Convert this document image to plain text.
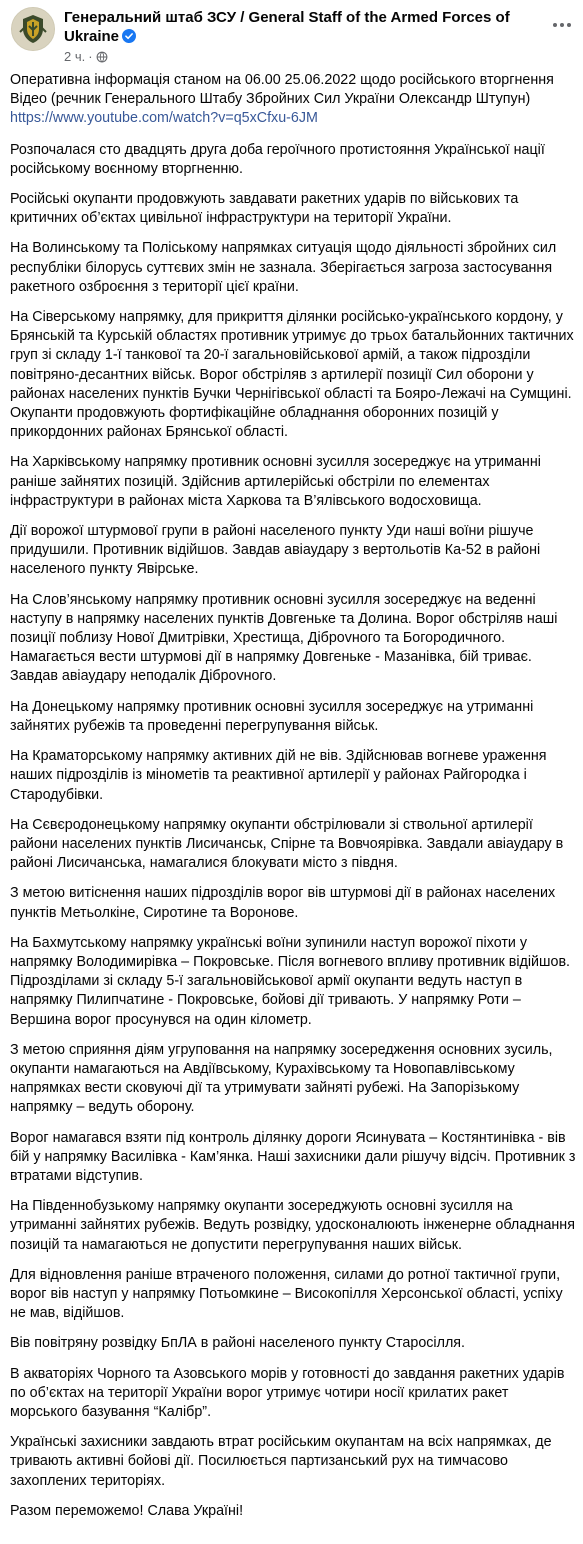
Генеральний штаб ЗСУ / General Staff of the Armed Forces of Ukraine
2 ч. ·

Оперативна інформація станом на 06.00 25.06.2022 щодо російського вторгнення
Відео (речник Генерального Штабу Збройних Сил України Олександр Штупун)
https://www.youtube.com/watch?v=q5xCfxu-6JM

Розпочалася сто двадцять друга доба героїчного протистояння Української нації російському воєнному вторгненню.

Російські окупанти продовжують завдавати ракетних ударів по військових та критичних об’єктах цивільної інфраструктури на території України.

На Волинському та Поліському напрямках ситуація щодо діяльності збройних сил республіки білорусь суттєвих змін не зазнала. Зберігається загроза застосування ракетного озброєння з території цієї країни.

На Сіверському напрямку, для прикриття ділянки російсько-українського кордону, у Брянській та Курській областях противник утримує до трьох батальйонних тактичних груп зі складу 1-ї танкової та 20-ї загальновійськової армій, а також підрозділи повітряно-десантних військ. Ворог обстріляв з артилерії позиції Сил оборони у районах населених пунктів Бучки Чернігівської області та Бояро-Лежачі на Сумщині. Окупанти продовжують фортифікаційне обладнання оборонних позицій у прикордонних районах Брянської області.

На Харківському напрямку противник основні зусилля зосереджує на утриманні раніше зайнятих позицій. Здійснив артилерійські обстріли по елементах інфраструктури в районах міста Харкова та В’ялівського водосховища.

Дії ворожої штурмової групи в районі населеного пункту Уди наші воїни рішуче придушили. Противник відійшов. Завдав авіаудару з вертольотів Ка-52 в районі населеного пункту Явірське.

На Слов’янському напрямку противник основні зусилля зосереджує на веденні наступу в напрямку населених пунктів Довгеньке та Долина. Ворог обстріляв наші позиції поблизу Нової Дмитрівки, Хрестища, Діброvного та Богородичного. Намагається вести штурмові дії в напрямку Довгеньке - Мазанівка, бій триває. Завдав авіаудару неподалік Діброvного.

На Донецькому напрямку противник основні зусилля зосереджує на утриманні зайнятих рубежів та проведенні перегрупування військ.

На Краматорському напрямку активних дій не вів. Здійснював вогневе ураження наших підрозділів із мінометів та реактивної артилерії у районах Райгородка і Стародубівки.

На Сєвєродонецькому напрямку окупанти обстрілювали зі ствольної артилерії райони населених пунктів Лисичанськ, Спірне та Вовчоярівка. Завдали авіаудару в районі Лисичанська, намагалися блокувати місто з півдня.

З метою витіснення наших підрозділів ворог вів штурмові дії в районах населених пунктів Метьолкіне, Сиротине та Воронове.

На Бахмутському напрямку українські воїни зупинили наступ ворожої піхоти у напрямку Володимирівка – Покровське. Після вогневого впливу противник відійшов. Підрозділами зі складу 5-ї загальновійськової армії окупанти ведуть наступ в напрямку Пилипчатине - Покровське, бойові дії тривають. У напрямку Роти – Вершина ворог просунувся на один кілометр.

З метою сприяння діям угруповання на напрямку зосередження основних зусиль, окупанти намагаються на Авдіївському, Курахівському та Новопавлівському напрямках вести сковуючі дії та утримувати зайняті рубежі. На Запорізькому напрямку – ведуть оборону.

Ворог намагався взяти під контроль ділянку дороги Ясинувата – Костянтинівка - вів бій у напрямку Василівка - Кам’янка. Наші захисники дали рішучу відсіч. Противник з втратами відступив.

На Південнобузькому напрямку окупанти зосереджують основні зусилля на утриманні зайнятих рубежів. Ведуть розвідку, удосконалюють інженерне обладнання позицій та намагаються не допустити перегрупування наших військ.

Для відновлення раніше втраченого положення, силами до ротної тактичної групи, ворог вів наступ у напрямку Потьомкине – Високопілля Херсонської області, успіху не мав, відійшов.

Вів повітряну розвідку БпЛА в районі населеного пункту Старосілля.

В акваторіях Чорного та Азовського морів у готовності до завдання ракетних ударів по об’єктах на території України ворог утримує чотири носії крилатих ракет морського базування “Калібр”.

Українські захисники завдають втрат російським окупантам на всіх напрямках, де тривають активні бойові дії. Посилюється партизанський рух на тимчасово захоплених територіях.

Разом переможемо! Слава Україні!
